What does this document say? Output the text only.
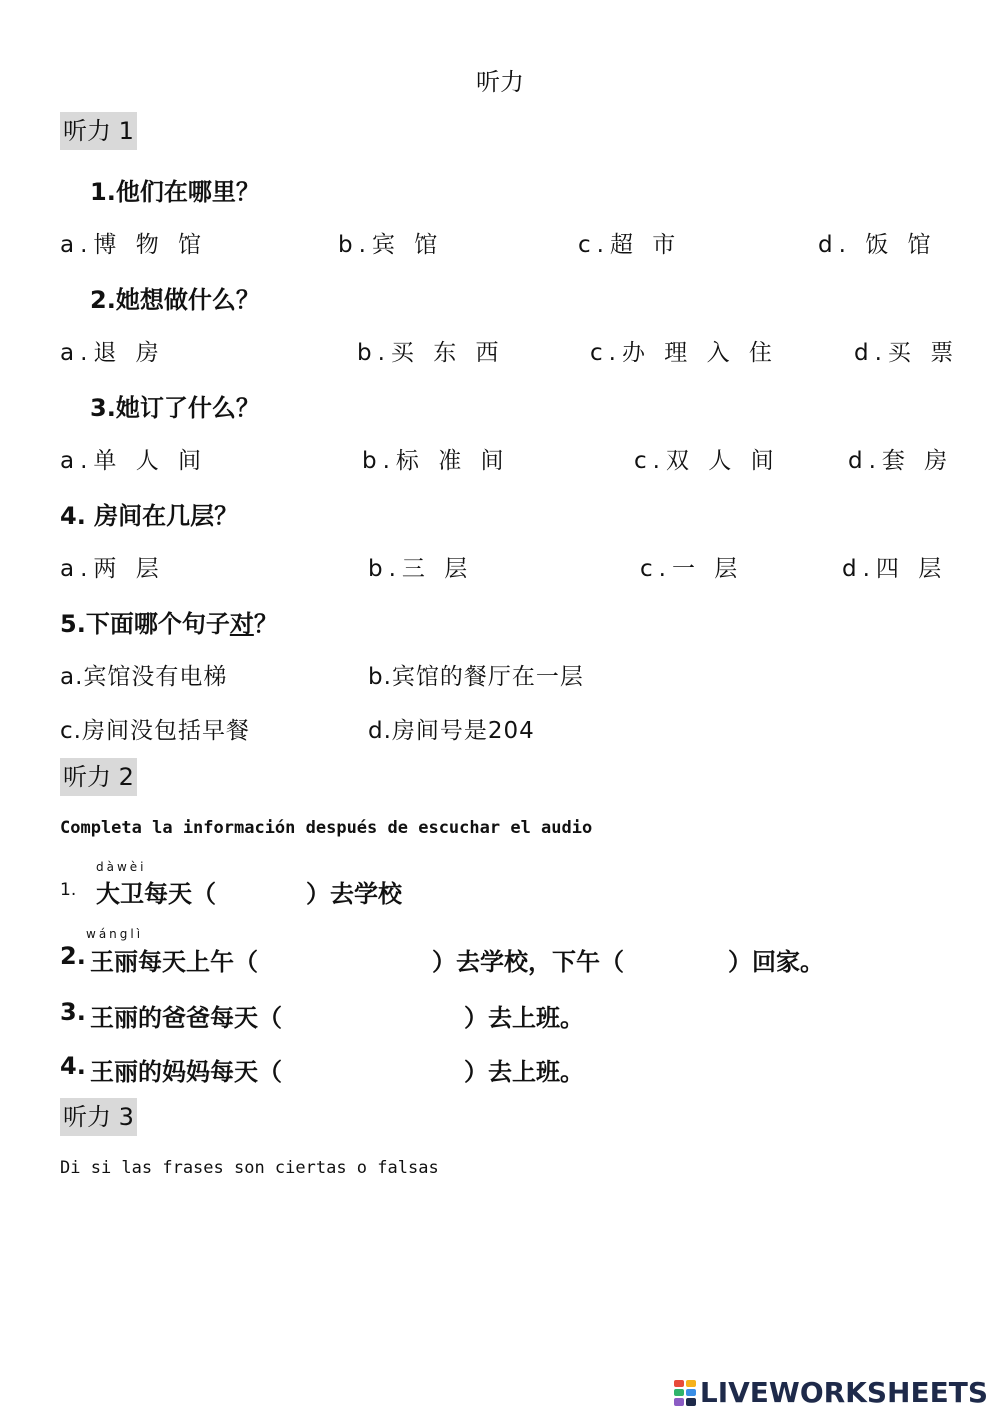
听力
听力 1
1.他们在哪里？
a.博 物 馆	b.宾 馆	c.超 市	d. 饭 馆
2.她想做什么？
a.退 房	b.买 东 西	c.办 理 入 住	d.买 票
3.她订了什么？
a.单 人 间	b.标 准 间	c.双 人 间	d.套 房
4. 房间在几层？
a.两 层	b.三 层	c.一 层	d.四 层
5.下面哪个句子对？
a.宾馆没有电梯	b.宾馆的餐厅在一层
c.房间没包括早餐	d.房间号是204
听力 2
Completa la información después de escuchar el audio
dàwèi
1. 大卫每天（	）去学校
wánglì
2. 王丽每天上午（	）去学校，下午（	）回家。
3. 王丽的爸爸每天（	）去上班。
4. 王丽的妈妈每天（	）去上班。
听力 3
Di si las frases son ciertas o falsas
LIVEWORKSHEETS
